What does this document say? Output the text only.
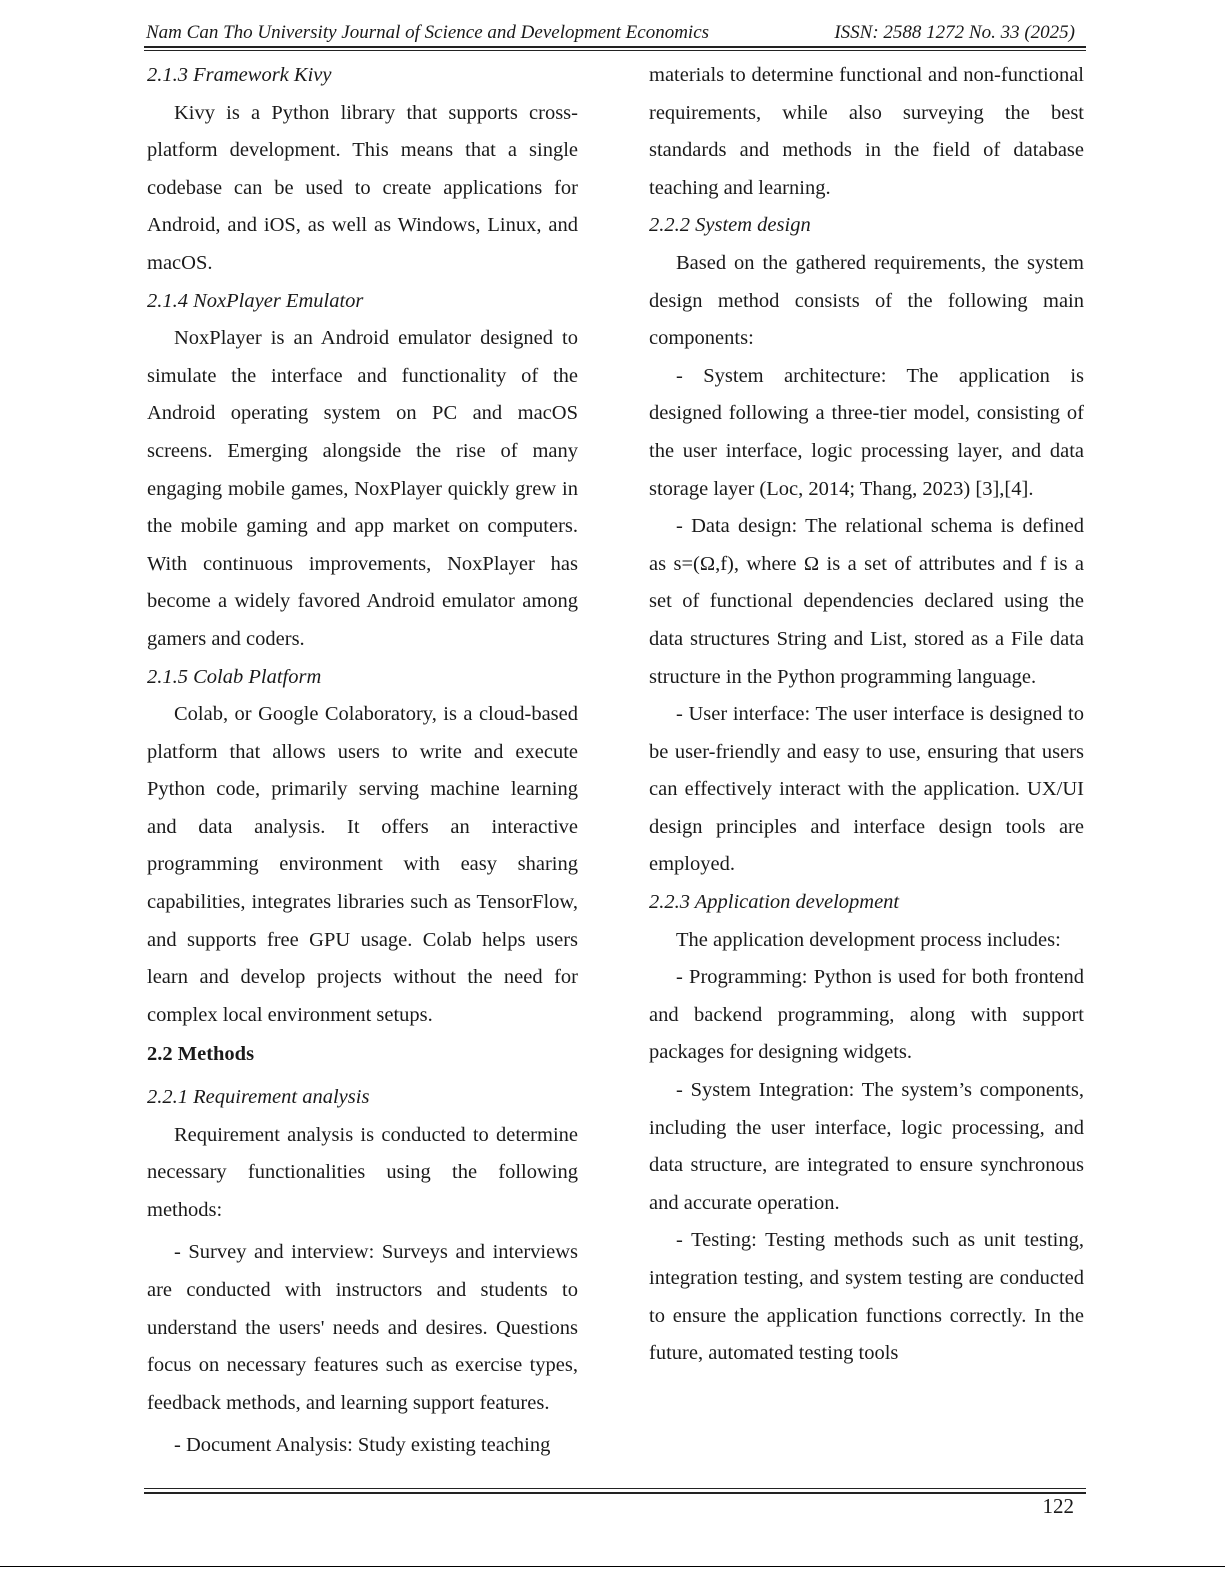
Nam Can Tho University Journal of Science and Development Economics	ISSN: 2588 1272 No. 33 (2025)

2.1.3 Framework Kivy

Kivy is a Python library that supports cross-platform development. This means that a single codebase can be used to create applications for Android, and iOS, as well as Windows, Linux, and macOS.

2.1.4 NoxPlayer Emulator

NoxPlayer is an Android emulator designed to simulate the interface and functionality of the Android operating system on PC and macOS screens. Emerging alongside the rise of many engaging mobile games, NoxPlayer quickly grew in the mobile gaming and app market on computers. With continuous improvements, NoxPlayer has become a widely favored Android emulator among gamers and coders.

2.1.5 Colab Platform

Colab, or Google Colaboratory, is a cloud-based platform that allows users to write and execute Python code, primarily serving machine learning and data analysis. It offers an interactive programming environment with easy sharing capabilities, integrates libraries such as TensorFlow, and supports free GPU usage. Colab helps users learn and develop projects without the need for complex local environment setups.

2.2 Methods

2.2.1 Requirement analysis

Requirement analysis is conducted to determine necessary functionalities using the following methods:

- Survey and interview: Surveys and interviews are conducted with instructors and students to understand the users' needs and desires. Questions focus on necessary features such as exercise types, feedback methods, and learning support features.

- Document Analysis: Study existing teaching

materials to determine functional and non-functional requirements, while also surveying the best standards and methods in the field of database teaching and learning.

2.2.2 System design

Based on the gathered requirements, the system design method consists of the following main components:

- System architecture: The application is designed following a three-tier model, consisting of the user interface, logic processing layer, and data storage layer (Loc, 2014; Thang, 2023) [3],[4].

- Data design: The relational schema is defined as s=(Ω,f), where Ω is a set of attributes and f is a set of functional dependencies declared using the data structures String and List, stored as a File data structure in the Python programming language.

- User interface: The user interface is designed to be user-friendly and easy to use, ensuring that users can effectively interact with the application. UX/UI design principles and interface design tools are employed.

2.2.3 Application development

The application development process includes:

- Programming: Python is used for both frontend and backend programming, along with support packages for designing widgets.

- System Integration: The system’s components, including the user interface, logic processing, and data structure, are integrated to ensure synchronous and accurate operation.

- Testing: Testing methods such as unit testing, integration testing, and system testing are conducted to ensure the application functions correctly. In the future, automated testing tools

122
